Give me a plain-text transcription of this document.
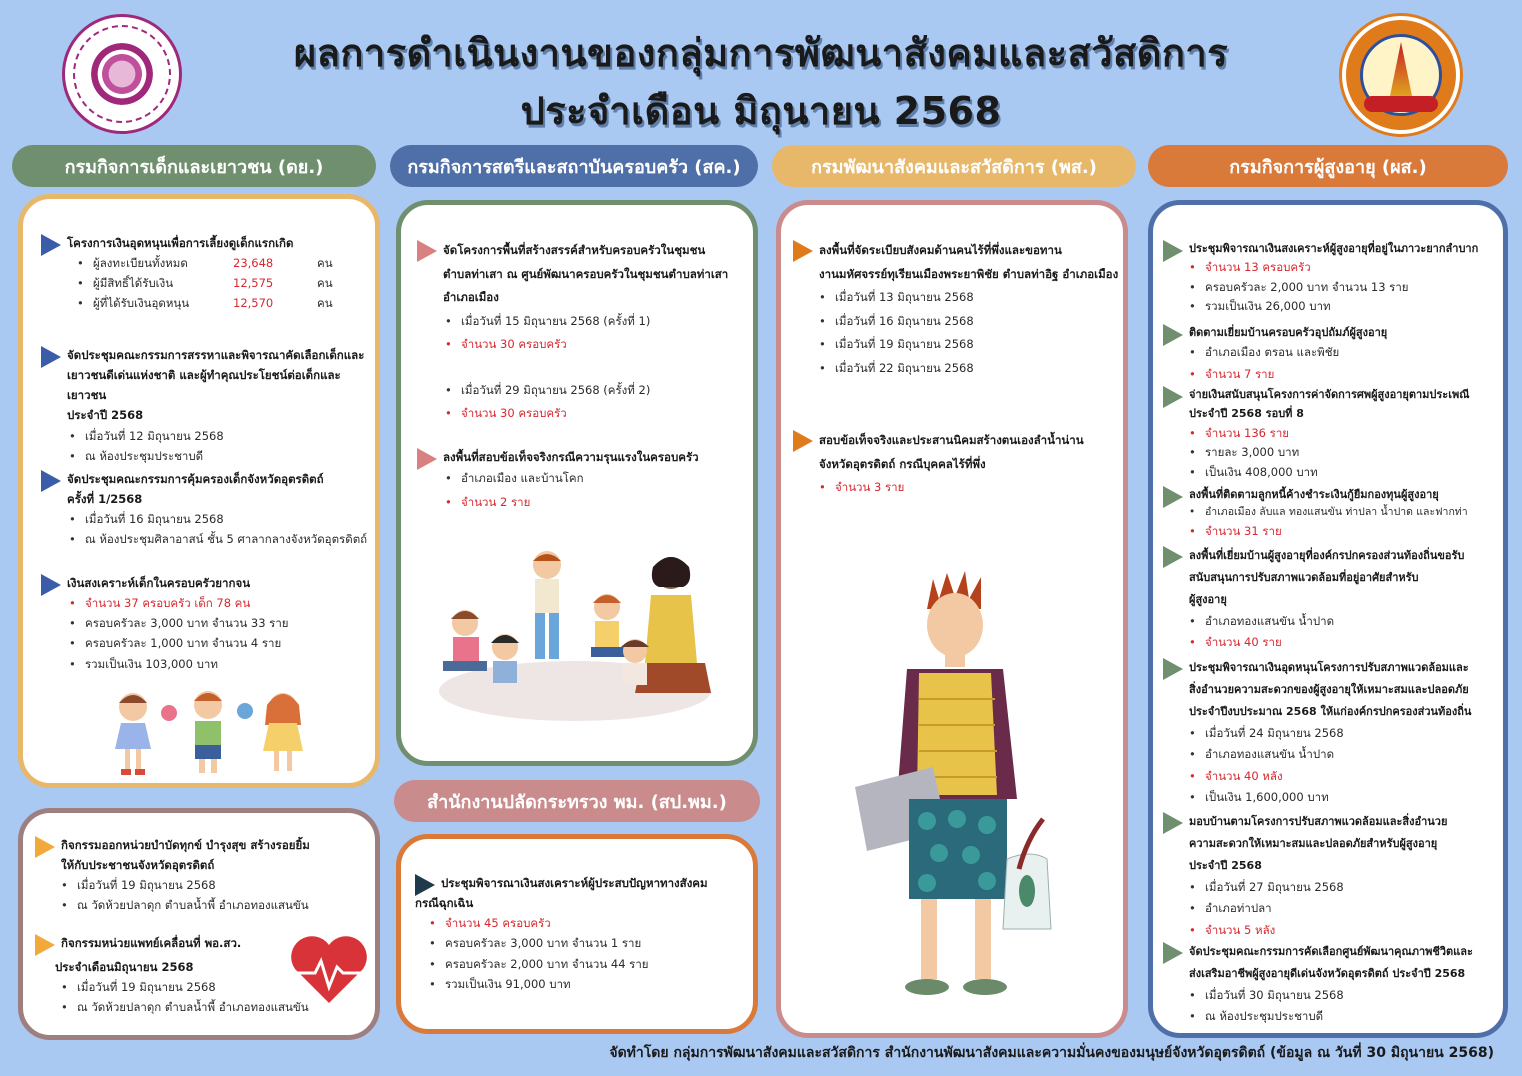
ผลการดำเนินงานของกลุ่มการพัฒนาสังคมและสวัสดิการ
ประจำเดือน มิถุนายน 2568
กรมกิจการเด็กและเยาวชน (ดย.)	กรมกิจการสตรีและสถาบันครอบครัว (สค.)	กรมพัฒนาสังคมและสวัสดิการ (พส.)	กรมกิจการผู้สูงอายุ (ผส.)
โครงการเงินอุดหนุนเพื่อการเลี้ยงดูเด็กแรกเกิด
• ผู้ลงทะเบียนทั้งหมด	23,648	คน
• ผู้มีสิทธิ์ได้รับเงิน	12,575	คน
• ผู้ที่ได้รับเงินอุดหนุน	12,570	คน
จัดประชุมคณะกรรมการสรรหาและพิจารณาคัดเลือกเด็กและ
เยาวชนดีเด่นแห่งชาติ และผู้ทำคุณประโยชน์ต่อเด็กและเยาวชน
ประจำปี 2568
• เมื่อวันที่ 12 มิถุนายน 2568
• ณ ห้องประชุมประชาบดี
จัดประชุมคณะกรรมการคุ้มครองเด็กจังหวัดอุตรดิตถ์
ครั้งที่ 1/2568
• เมื่อวันที่ 16 มิถุนายน 2568
• ณ ห้องประชุมศิลาอาสน์ ชั้น 5 ศาลากลางจังหวัดอุตรดิตถ์
เงินสงเคราะห์เด็กในครอบครัวยากจน
• จำนวน 37 ครอบครัว เด็ก 78 คน
• ครอบครัวละ 3,000 บาท จำนวน 33 ราย
• ครอบครัวละ 1,000 บาท จำนวน 4 ราย
• รวมเป็นเงิน 103,000 บาท
กิจกรรมออกหน่วยบำบัดทุกข์ บำรุงสุข สร้างรอยยิ้ม
ให้กับประชาชนจังหวัดอุตรดิตถ์
• เมื่อวันที่ 19 มิถุนายน 2568
• ณ วัดห้วยปลาดุก ตำบลน้ำพี้ อำเภอทองแสนขัน
กิจกรรมหน่วยแพทย์เคลื่อนที่ พอ.สว.
ประจำเดือนมิถุนายน 2568
• เมื่อวันที่ 19 มิถุนายน 2568
• ณ วัดห้วยปลาดุก ตำบลน้ำพี้ อำเภอทองแสนขัน
จัดโครงการพื้นที่สร้างสรรค์สำหรับครอบครัวในชุมชน
ตำบลท่าเสา ณ ศูนย์พัฒนาครอบครัวในชุมชนตำบลท่าเสา
อำเภอเมือง
• เมื่อวันที่ 15 มิถุนายน 2568 (ครั้งที่ 1)
• จำนวน 30 ครอบครัว
• เมื่อวันที่ 29 มิถุนายน 2568 (ครั้งที่ 2)
• จำนวน 30 ครอบครัว
ลงพื้นที่สอบข้อเท็จจริงกรณีความรุนแรงในครอบครัว
• อำเภอเมือง และบ้านโคก
• จำนวน 2 ราย
สำนักงานปลัดกระทรวง พม. (สป.พม.)
ประชุมพิจารณาเงินสงเคราะห์ผู้ประสบปัญหาทางสังคม
กรณีฉุกเฉิน
• จำนวน 45 ครอบครัว
• ครอบครัวละ 3,000 บาท จำนวน 1 ราย
• ครอบครัวละ 2,000 บาท จำนวน 44 ราย
• รวมเป็นเงิน 91,000 บาท
ลงพื้นที่จัดระเบียบสังคมด้านคนไร้ที่พึ่งและขอทาน
งานมหัศจรรย์ทุเรียนเมืองพระยาพิชัย ตำบลท่าอิฐ อำเภอเมือง
• เมื่อวันที่ 13 มิถุนายน 2568
• เมื่อวันที่ 16 มิถุนายน 2568
• เมื่อวันที่ 19 มิถุนายน 2568
• เมื่อวันที่ 22 มิถุนายน 2568
สอบข้อเท็จจริงและประสานนิคมสร้างตนเองลำน้ำน่าน
จังหวัดอุตรดิตถ์ กรณีบุคคลไร้ที่พึ่ง
• จำนวน 3 ราย
ประชุมพิจารณาเงินสงเคราะห์ผู้สูงอายุที่อยู่ในภาวะยากลำบาก
• จำนวน 13 ครอบครัว
• ครอบครัวละ 2,000 บาท จำนวน 13 ราย
• รวมเป็นเงิน 26,000 บาท
ติดตามเยี่ยมบ้านครอบครัวอุปถัมภ์ผู้สูงอายุ
• อำเภอเมือง ตรอน และพิชัย
• จำนวน 7 ราย
จ่ายเงินสนับสนุนโครงการค่าจัดการศพผู้สูงอายุตามประเพณี
ประจำปี 2568 รอบที่ 8
• จำนวน 136 ราย
• รายละ 3,000 บาท
• เป็นเงิน 408,000 บาท
ลงพื้นที่ติดตามลูกหนี้ค้างชำระเงินกู้ยืมกองทุนผู้สูงอายุ
• อำเภอเมือง ลับแล ทองแสนขัน ท่าปลา น้ำปาด และฟากท่า
• จำนวน 31 ราย
ลงพื้นที่เยี่ยมบ้านผู้สูงอายุที่องค์กรปกครองส่วนท้องถิ่นขอรับ
สนับสนุนการปรับสภาพแวดล้อมที่อยู่อาศัยสำหรับ
ผู้สูงอายุ
• อำเภอทองแสนขัน น้ำปาด
• จำนวน 40 ราย
ประชุมพิจารณาเงินอุดหนุนโครงการปรับสภาพแวดล้อมและ
สิ่งอำนวยความสะดวกของผู้สูงอายุให้เหมาะสมและปลอดภัย
ประจำปีงบประมาณ 2568 ให้แก่องค์กรปกครองส่วนท้องถิ่น
• เมื่อวันที่ 24 มิถุนายน 2568
• อำเภอทองแสนขัน น้ำปาด
• จำนวน 40 หลัง
• เป็นเงิน 1,600,000 บาท
มอบบ้านตามโครงการปรับสภาพแวดล้อมและสิ่งอำนวย
ความสะดวกให้เหมาะสมและปลอดภัยสำหรับผู้สูงอายุ
ประจำปี 2568
• เมื่อวันที่ 27 มิถุนายน 2568
• อำเภอท่าปลา
• จำนวน 5 หลัง
จัดประชุมคณะกรรมการคัดเลือกศูนย์พัฒนาคุณภาพชีวิตและ
ส่งเสริมอาชีพผู้สูงอายุดีเด่นจังหวัดอุตรดิตถ์ ประจำปี 2568
• เมื่อวันที่ 30 มิถุนายน 2568
• ณ ห้องประชุมประชาบดี
จัดทำโดย กลุ่มการพัฒนาสังคมและสวัสดิการ สำนักงานพัฒนาสังคมและความมั่นคงของมนุษย์จังหวัดอุตรดิตถ์ (ข้อมูล ณ วันที่ 30 มิถุนายน 2568)
